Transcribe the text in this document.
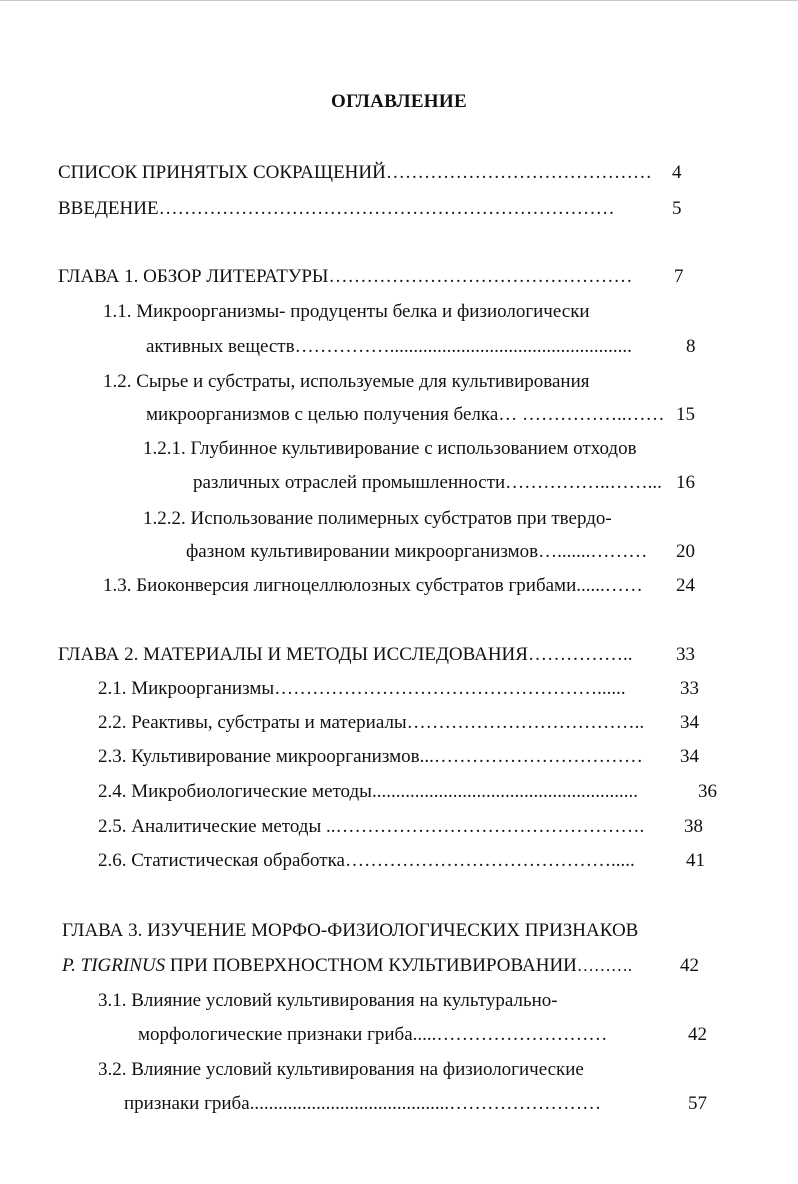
ОГЛАВЛЕНИЕ
СПИСОК ПРИНЯТЫХ СОКРАЩЕНИЙ…………………………………… 4
ВВЕДЕНИЕ………………………………………………………………	5
ГЛАВА 1. ОБЗОР ЛИТЕРАТУРЫ………………………………………… 7
1.1. Микроорганизмы- продуценты белка и физиологически
активных веществ……………...................................................	8
1.2. Сырье и субстраты, используемые для культивирования
микроорганизмов с целью получения белка… ……………..…… 15
1.2.1. Глубинное культивирование с использованием отходов
различных отраслей промышленности……………..……... 16
1.2.2. Использование полимерных субстратов при твердо-
фазном культивировании микроорганизмов….......……… 20
1.3. Биоконверсия лигноцеллюлозных субстратов грибами......…… 24
ГЛАВА 2. МАТЕРИАЛЫ И МЕТОДЫ ИССЛЕДОВАНИЯ…………….. 33
2.1. Микроорганизмы……………………………………………......	33
2.2. Реактивы, субстраты и материалы……………………………….. 34
2.3. Культивирование микроорганизмов...…………………………… 34
2.4. Микробиологические методы........................................................	36
2.5. Аналитические методы ..…………………………………………. 38
2.6. Статистическая обработка…………………………………….....	41
ГЛАВА 3. ИЗУЧЕНИЕ МОРФО-ФИЗИОЛОГИЧЕСКИХ ПРИЗНАКОВ
P. TIGRINUS ПРИ ПОВЕРХНОСТНОМ КУЛЬТИВИРОВАНИИ……….	42
3.1. Влияние условий культивирования на культурально-
морфологические признаки гриба.....………………………	42
3.2. Влияние условий культивирования на физиологические
признаки гриба..........................................……………………	57
